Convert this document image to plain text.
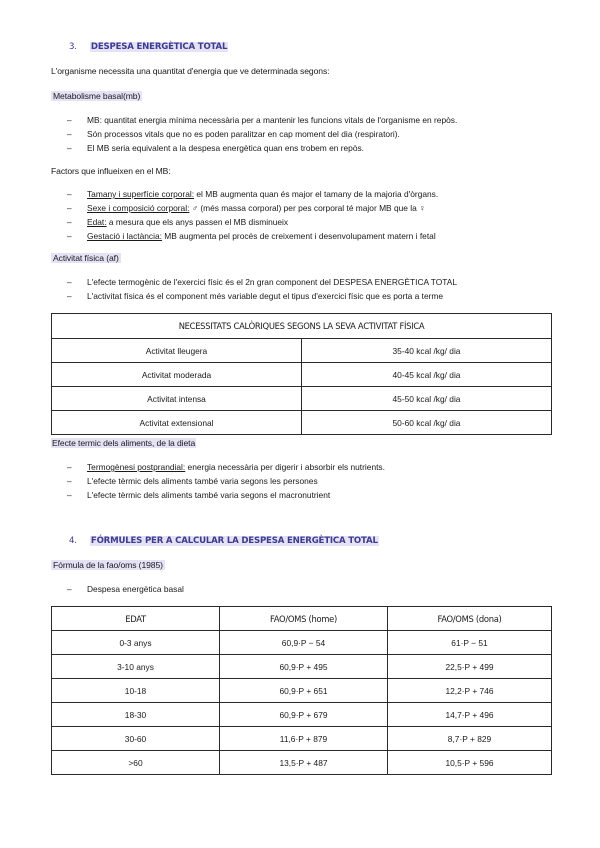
3. DESPESA ENERGÈTICA TOTAL
L'organisme necessita una quantitat d'energia que ve determinada segons:
Metabolisme basal(mb)
– MB: quantitat energia mínima necessària per a mantenir les funcions vitals de l'organisme en repòs.
– Són processos vitals que no es poden paralitzar en cap moment del dia (respiratori).
– El MB seria equivalent a la despesa energètica quan ens trobem en repòs.
Factors que influeixen en el MB:
– Tamany i superfície corporal: el MB augmenta quan és major el tamany de la majoria d'òrgans.
– Sexe i composició corporal: ♂ (més massa corporal) per pes corporal té major MB que la ♀
– Edat: a mesura que els anys passen el MB disminueix
– Gestació i lactància: MB augmenta pel procés de creixement i desenvolupament matern i fetal
Activitat física (af)
– L'efecte termogènic de l'exercici físic és el 2n gran component del DESPESA ENERGÈTICA TOTAL
– L'activitat física és el component més variable degut el tipus d'exercici físic que es porta a terme
NECESSITATS CALÒRIQUES SEGONS LA SEVA ACTIVITAT FÍSICA	
Activitat lleugera	35-40 kcal /kg/ dia
Activitat moderada	40-45 kcal /kg/ dia
Activitat intensa	45-50 kcal /kg/ dia
Activitat extensional	50-60 kcal /kg/ dia
Efecte termic dels aliments, de la dieta
– Termogènesi postprandial: energia necessària per digerir i absorbir els nutrients.
– L'efecte tèrmic dels aliments també varia segons les persones
– L'efecte tèrmic dels aliments també varia segons el macronutrient
4. FÓRMULES PER A CALCULAR LA DESPESA ENERGÈTICA TOTAL
Fórmula de la fao/oms (1985)
– Despesa energètica basal
EDAT	FAO/OMS (home)	FAO/OMS (dona)
0-3 anys	60,9·P − 54	61·P − 51
3-10 anys	60,9·P + 495	22,5·P + 499
10-18	60,9·P + 651	12,2·P + 746
18-30	60,9·P + 679	14,7·P + 496
30-60	11,6·P + 879	8,7·P + 829
>60	13,5·P + 487	10,5·P + 596
